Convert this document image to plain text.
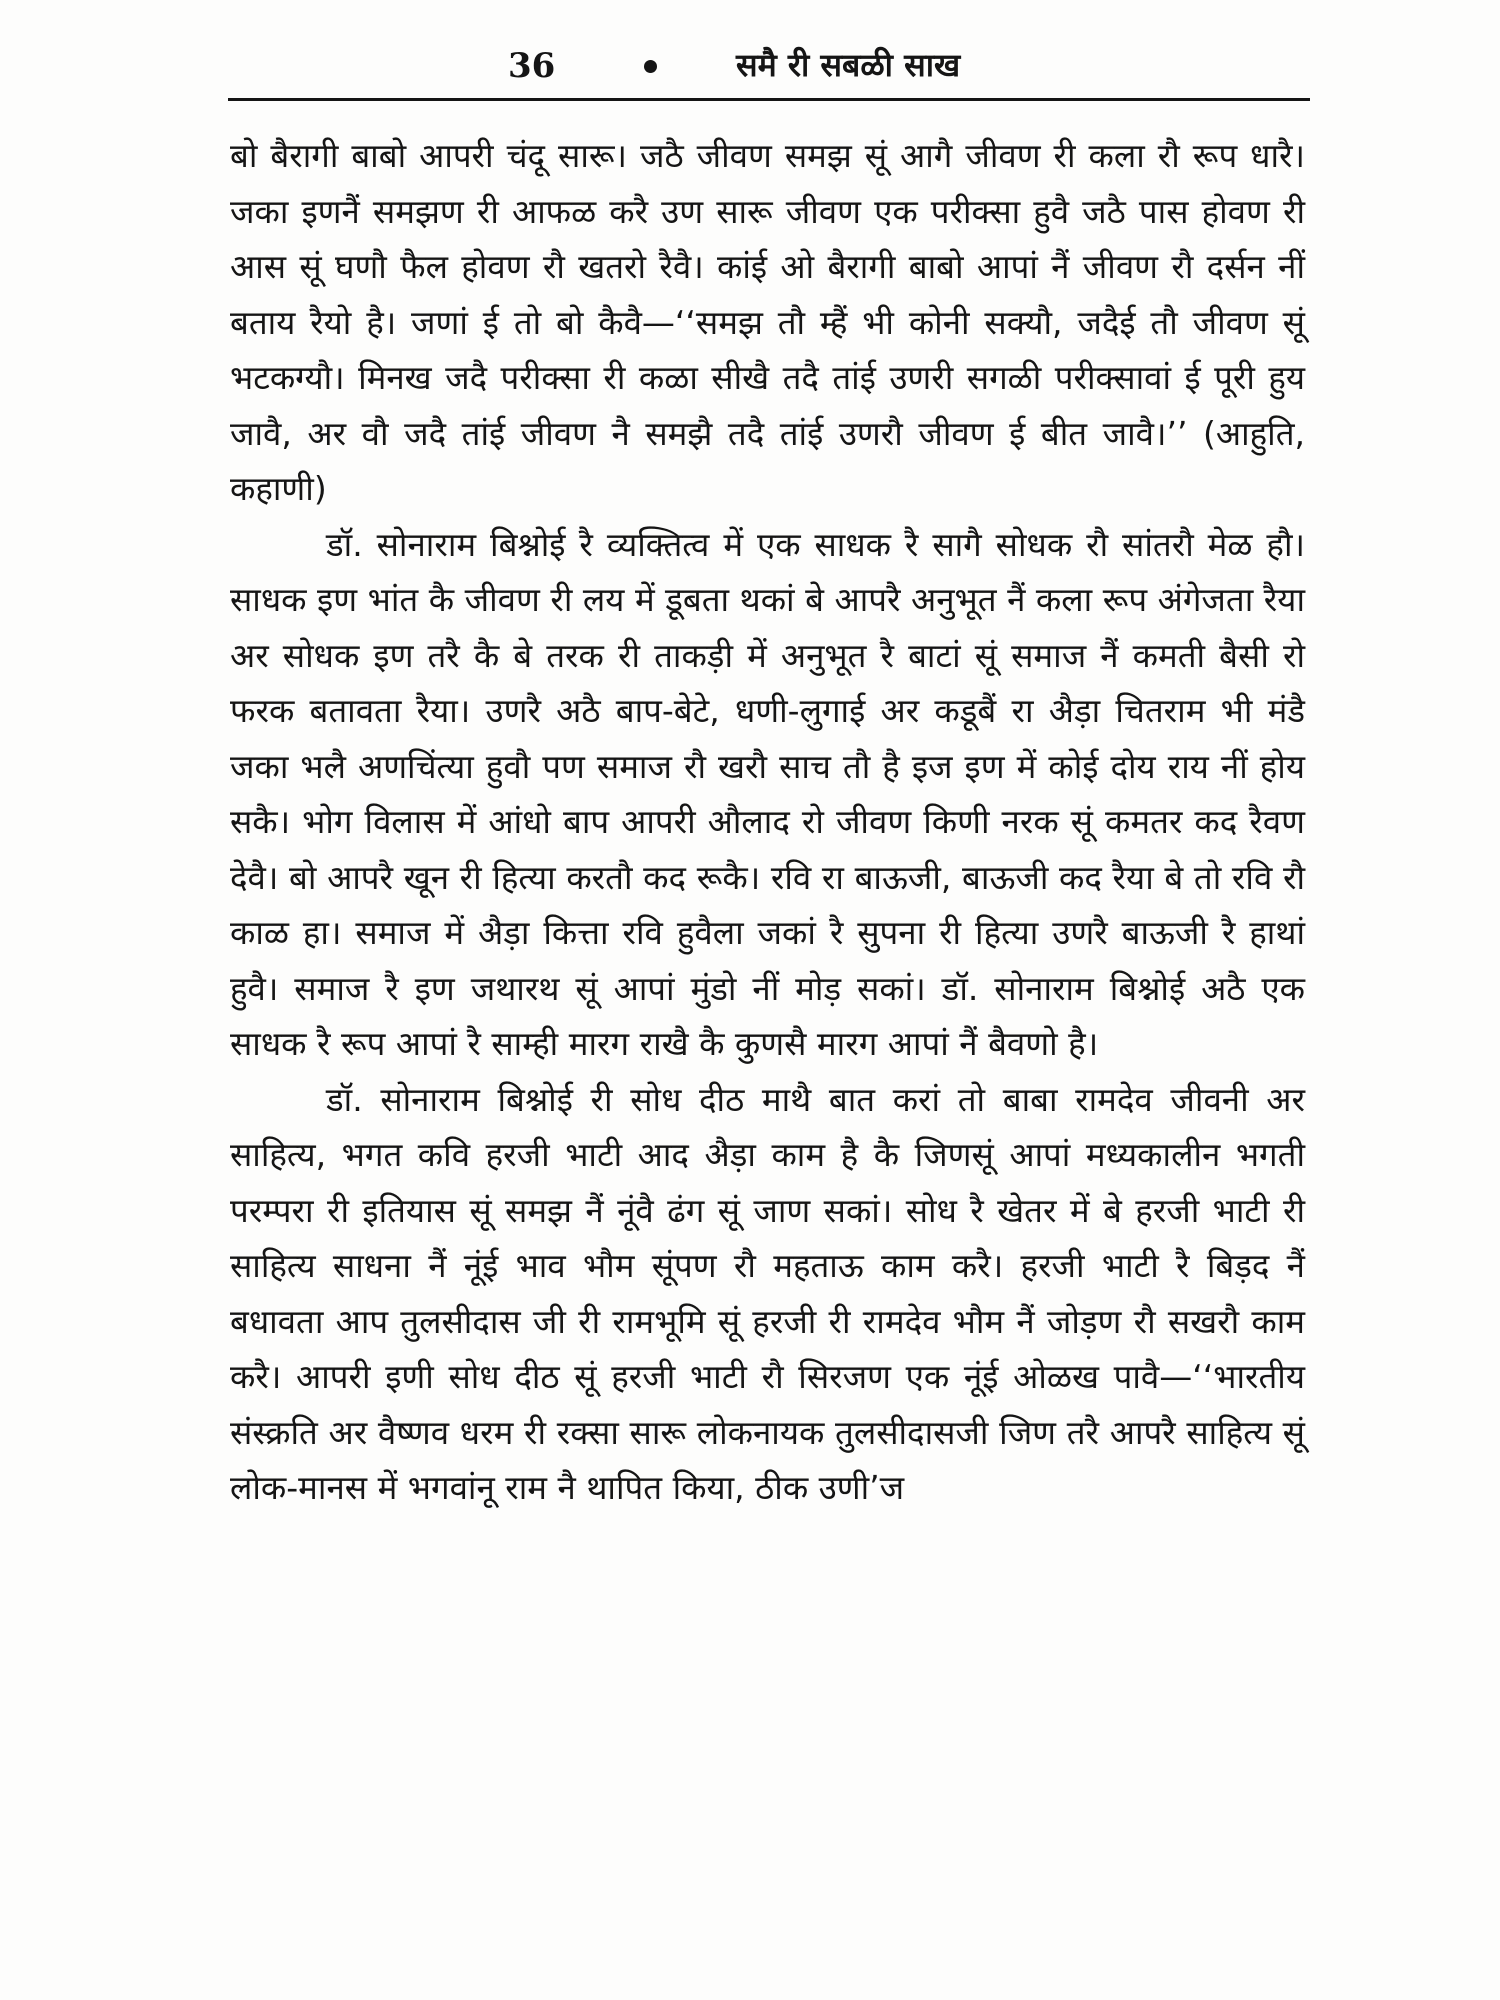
36	समै री सबळी साख

बो बैरागी बाबो आपरी चंदू सारू। जठै जीवण समझ सूं आगै जीवण री कला रौ रूप धारै। जका इणनैं समझण री आफळ करै उण सारू जीवण एक परीक्सा हुवै जठै पास होवण री आस सूं घणौ फैल होवण रौ खतरो रैवै। कांई ओ बैरागी बाबो आपां नैं जीवण रौ दर्सन नीं बताय रैयो है। जणां ई तो बो कैवै—‘‘समझ तौ म्हैं भी कोनी सक्यौ, जदैई तौ जीवण सूं भटकग्यौ। मिनख जदै परीक्सा री कळा सीखै तदै तांई उणरी सगळी परीक्सावां ई पूरी हुय जावै, अर वौ जदै तांई जीवण नै समझै तदै तांई उणरौ जीवण ई बीत जावै।’’ (आहुति, कहाणी)

डॉ. सोनाराम बिश्नोई रै व्यक्तित्व में एक साधक रै सागै सोधक रौ सांतरौ मेळ हौ। साधक इण भांत कै जीवण री लय में डूबता थकां बे आपरै अनुभूत नैं कला रूप अंगेजता रैया अर सोधक इण तरै कै बे तरक री ताकड़ी में अनुभूत रै बाटां सूं समाज नैं कमती बैसी रो फरक बतावता रैया। उणरै अठै बाप-बेटे, धणी-लुगाई अर कडूबैं रा अैड़ा चितराम भी मंडै जका भलै अणचिंत्या हुवौ पण समाज रौ खरौ साच तौ है इज इण में कोई दोय राय नीं होय सकै। भोग विलास में आंधो बाप आपरी औलाद रो जीवण किणी नरक सूं कमतर कद रैवण देवै। बो आपरै खून री हित्या करतौ कद रूकै। रवि रा बाऊजी, बाऊजी कद रैया बे तो रवि रौ काळ हा। समाज में अैड़ा कित्ता रवि हुवैला जकां रै सुपना री हित्या उणरै बाऊजी रै हाथां हुवै। समाज रै इण जथारथ सूं आपां मुंडो नीं मोड़ सकां। डॉ. सोनाराम बिश्नोई अठै एक साधक रै रूप आपां रै साम्ही मारग राखै कै कुणसै मारग आपां नैं बैवणो है।

डॉ. सोनाराम बिश्नोई री सोध दीठ माथै बात करां तो बाबा रामदेव जीवनी अर साहित्य, भगत कवि हरजी भाटी आद अैड़ा काम है कै जिणसूं आपां मध्यकालीन भगती परम्परा री इतियास सूं समझ नैं नूंवै ढंग सूं जाण सकां। सोध रै खेतर में बे हरजी भाटी री साहित्य साधना नैं नूंई भाव भौम सूंपण रौ महताऊ काम करै। हरजी भाटी रै बिड़द नैं बधावता आप तुलसीदास जी री रामभूमि सूं हरजी री रामदेव भौम नैं जोड़ण रौ सखरौ काम करै। आपरी इणी सोध दीठ सूं हरजी भाटी रौ सिरजण एक नूंई ओळख पावै—‘‘भारतीय संस्क्रति अर वैष्णव धरम री रक्सा सारू लोकनायक तुलसीदासजी जिण तरै आपरै साहित्य सूं लोक-मानस में भगवांनू राम नै थापित किया, ठीक उणी’ज
